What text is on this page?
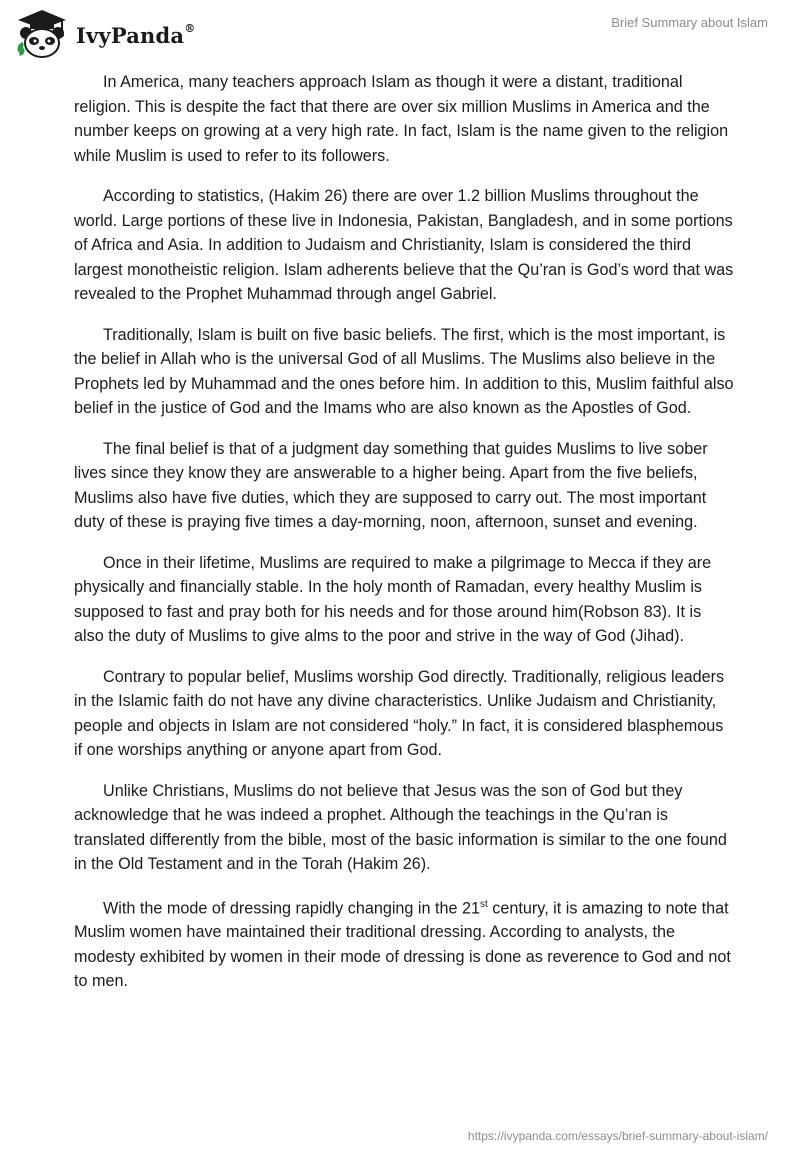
IvyPanda®	Brief Summary about Islam

In America, many teachers approach Islam as though it were a distant, traditional religion. This is despite the fact that there are over six million Muslims in America and the number keeps on growing at a very high rate. In fact, Islam is the name given to the religion while Muslim is used to refer to its followers.

According to statistics, (Hakim 26) there are over 1.2 billion Muslims throughout the world. Large portions of these live in Indonesia, Pakistan, Bangladesh, and in some portions of Africa and Asia. In addition to Judaism and Christianity, Islam is considered the third largest monotheistic religion. Islam adherents believe that the Qu’ran is God’s word that was revealed to the Prophet Muhammad through angel Gabriel.

Traditionally, Islam is built on five basic beliefs. The first, which is the most important, is the belief in Allah who is the universal God of all Muslims. The Muslims also believe in the Prophets led by Muhammad and the ones before him. In addition to this, Muslim faithful also belief in the justice of God and the Imams who are also known as the Apostles of God.

The final belief is that of a judgment day something that guides Muslims to live sober lives since they know they are answerable to a higher being. Apart from the five beliefs, Muslims also have five duties, which they are supposed to carry out. The most important duty of these is praying five times a day-morning, noon, afternoon, sunset and evening.

Once in their lifetime, Muslims are required to make a pilgrimage to Mecca if they are physically and financially stable. In the holy month of Ramadan, every healthy Muslim is supposed to fast and pray both for his needs and for those around him(Robson 83). It is also the duty of Muslims to give alms to the poor and strive in the way of God (Jihad).

Contrary to popular belief, Muslims worship God directly. Traditionally, religious leaders in the Islamic faith do not have any divine characteristics. Unlike Judaism and Christianity, people and objects in Islam are not considered “holy.” In fact, it is considered blasphemous if one worships anything or anyone apart from God.

Unlike Christians, Muslims do not believe that Jesus was the son of God but they acknowledge that he was indeed a prophet. Although the teachings in the Qu’ran is translated differently from the bible, most of the basic information is similar to the one found in the Old Testament and in the Torah (Hakim 26).

With the mode of dressing rapidly changing in the 21st century, it is amazing to note that Muslim women have maintained their traditional dressing. According to analysts, the modesty exhibited by women in their mode of dressing is done as reverence to God and not to men.

https://ivypanda.com/essays/brief-summary-about-islam/
